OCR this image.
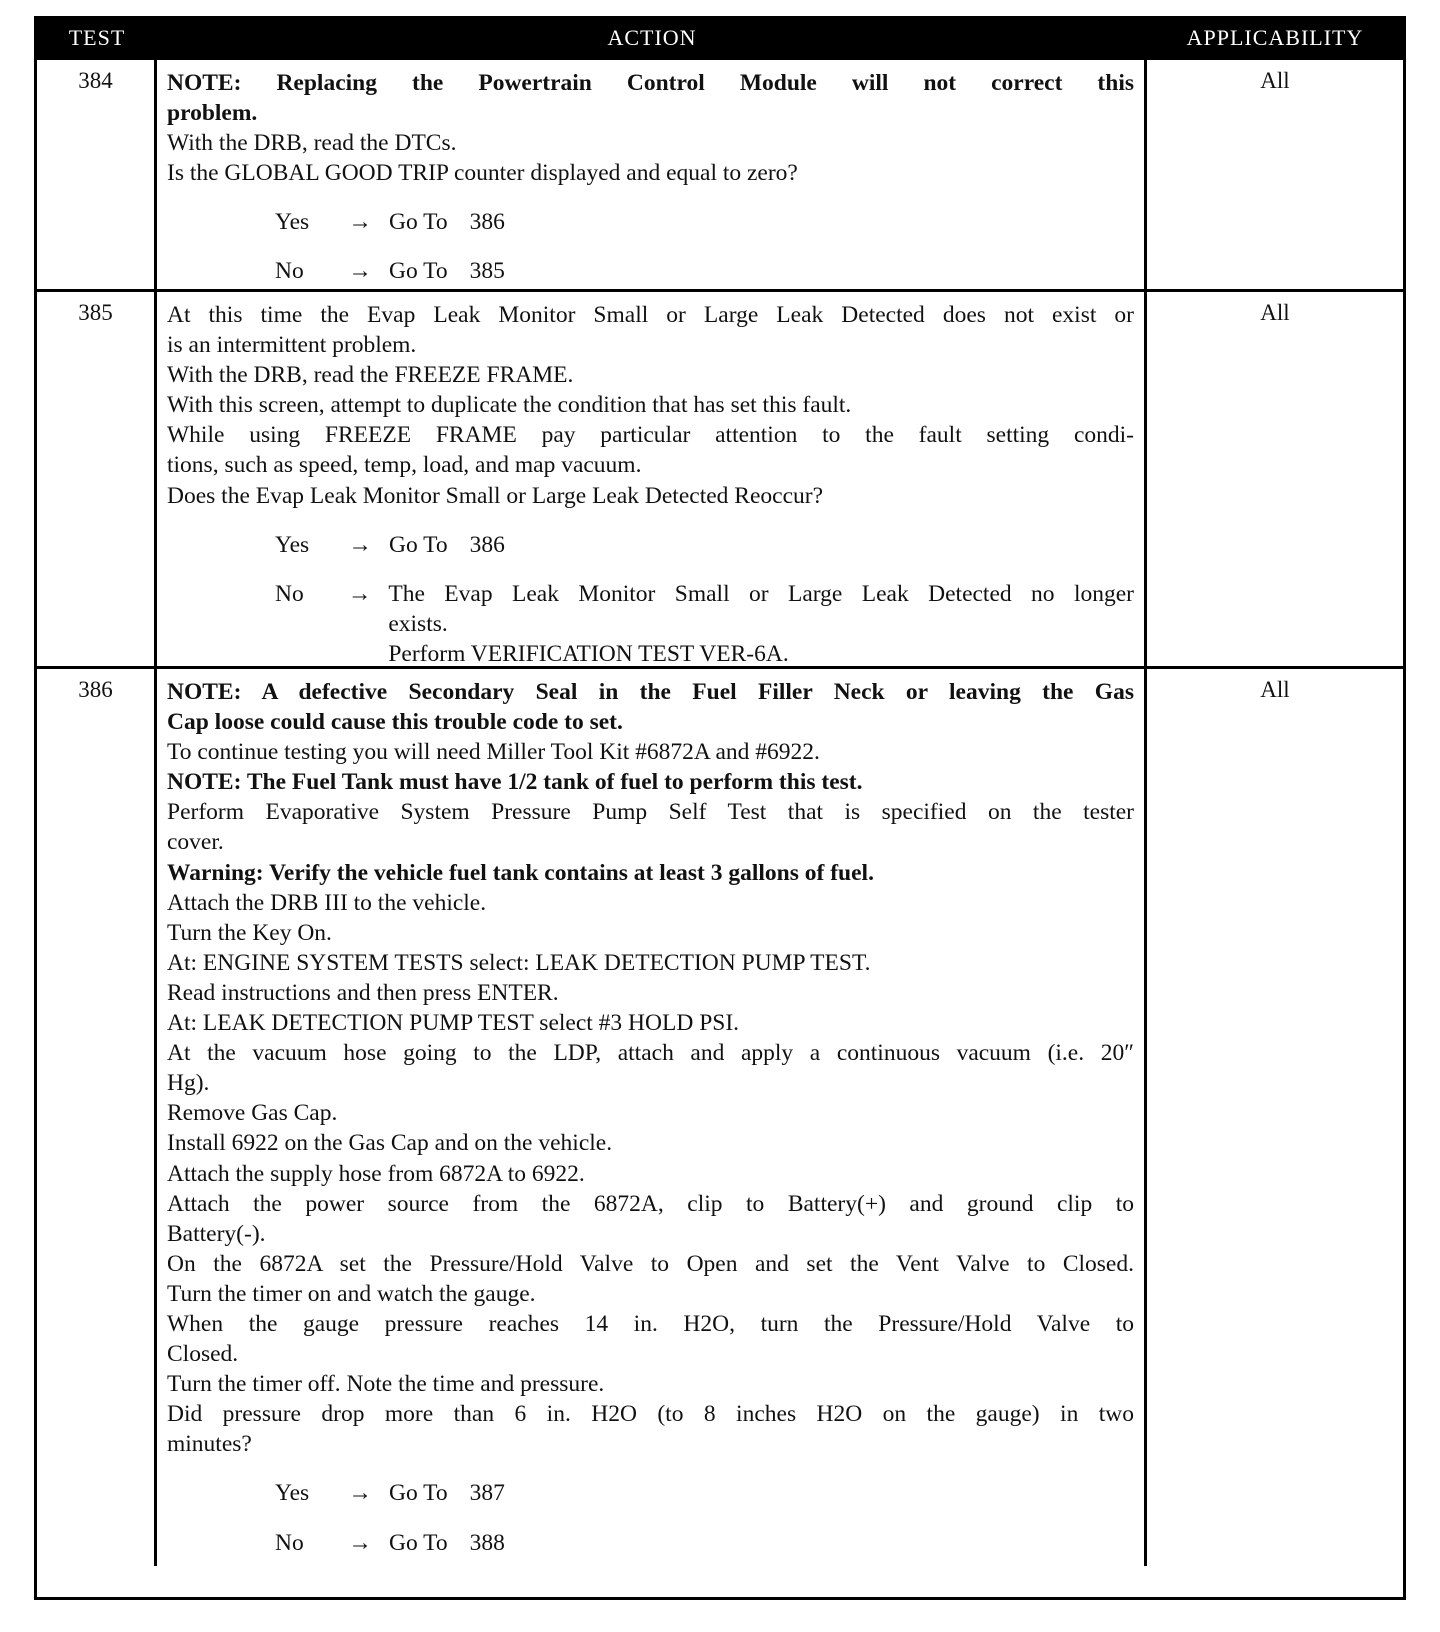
TEST	ACTION	APPLICABILITY
384	NOTE: Replacing the Powertrain Control Module will not correct this
problem.
With the DRB, read the DTCs.
Is the GLOBAL GOOD TRIP counter displayed and equal to zero?
Yes	→ Go To 386
No	→ Go To 385
All
385	At this time the Evap Leak Monitor Small or Large Leak Detected does not exist or
is an intermittent problem.
With the DRB, read the FREEZE FRAME.
With this screen, attempt to duplicate the condition that has set this fault.
While using FREEZE FRAME pay particular attention to the fault setting condi-
tions, such as speed, temp, load, and map vacuum.
Does the Evap Leak Monitor Small or Large Leak Detected Reoccur?
Yes	→ Go To 386
No	→ The Evap Leak Monitor Small or Large Leak Detected no longer
exists.
Perform VERIFICATION TEST VER-6A.
All
386	NOTE: A defective Secondary Seal in the Fuel Filler Neck or leaving the Gas
Cap loose could cause this trouble code to set.
To continue testing you will need Miller Tool Kit #6872A and #6922.
NOTE: The Fuel Tank must have 1/2 tank of fuel to perform this test.
Perform Evaporative System Pressure Pump Self Test that is specified on the tester
cover.
Warning: Verify the vehicle fuel tank contains at least 3 gallons of fuel.
Attach the DRB III to the vehicle.
Turn the Key On.
At: ENGINE SYSTEM TESTS select: LEAK DETECTION PUMP TEST.
Read instructions and then press ENTER.
At: LEAK DETECTION PUMP TEST select #3 HOLD PSI.
At the vacuum hose going to the LDP, attach and apply a continuous vacuum (i.e. 20″
Hg).
Remove Gas Cap.
Install 6922 on the Gas Cap and on the vehicle.
Attach the supply hose from 6872A to 6922.
Attach the power source from the 6872A, clip to Battery(+) and ground clip to
Battery(-).
On the 6872A set the Pressure/Hold Valve to Open and set the Vent Valve to Closed.
Turn the timer on and watch the gauge.
When the gauge pressure reaches 14 in. H2O, turn the Pressure/Hold Valve to
Closed.
Turn the timer off. Note the time and pressure.
Did pressure drop more than 6 in. H2O (to 8 inches H2O on the gauge) in two
minutes?
Yes	→ Go To 387
No	→ Go To 388
All
